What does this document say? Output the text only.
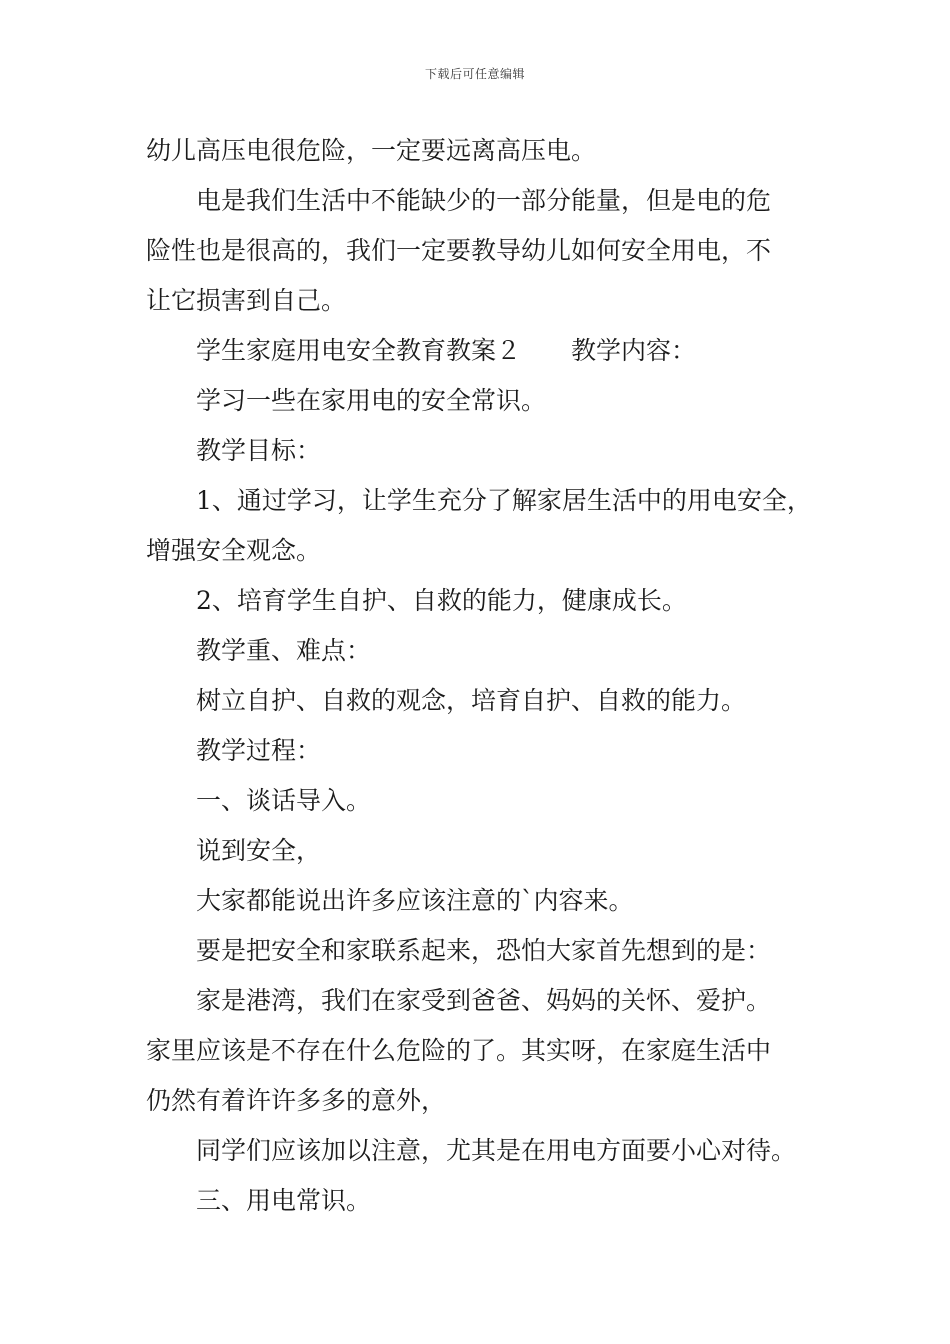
下载后可任意编辑

幼儿高压电很危险，一定要远离高压电。

电是我们生活中不能缺少的一部分能量，但是电的危

险性也是很高的，我们一定要教导幼儿如何安全用电，不

让它损害到自己。

学生家庭用电安全教育教案２　　教学内容：

学习一些在家用电的安全常识。

教学目标：

1、通过学习，让学生充分了解家居生活中的用电安全，

增强安全观念。

2、培育学生自护、自救的能力，健康成长。

教学重、难点：

树立自护、自救的观念，培育自护、自救的能力。

教学过程：

一、谈话导入。

说到安全，

大家都能说出许多应该注意的`内容来。

要是把安全和家联系起来，恐怕大家首先想到的是：

家是港湾，我们在家受到爸爸、妈妈的关怀、爱护。

家里应该是不存在什么危险的了。其实呀，在家庭生活中

仍然有着许许多多的意外，

同学们应该加以注意，尤其是在用电方面要小心对待。

三、用电常识。
